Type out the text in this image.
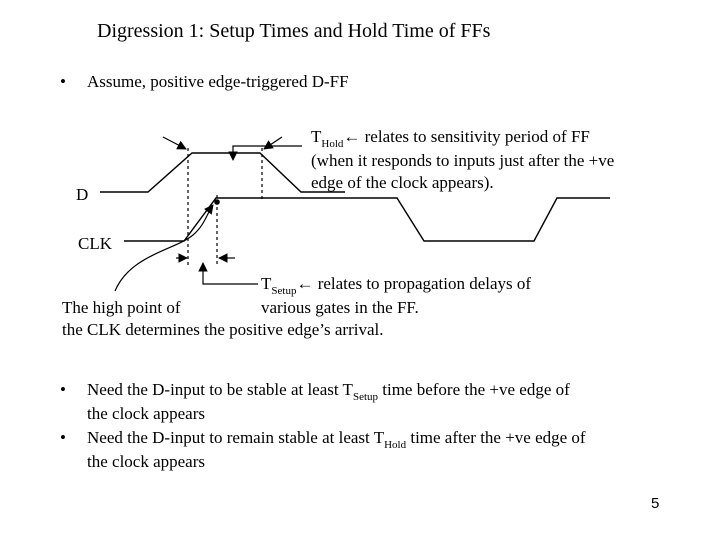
Digression 1: Setup Times and Hold Time of FFs
• Assume, positive edge-triggered D-FF
D
CLK
$T_{Hold}\leftarrow$ relates to sensitivity period of FF
(when it responds to inputs just after the +ve
edge of the clock appears).
$T_{Setup}\leftarrow$ relates to propagation delays of
various gates in the FF.
The high point of
the CLK determines the positive edge’s arrival.
• Need the D-input to be stable at least $T_{Setup}$ time before the +ve edge of
the clock appears
• Need the D-input to remain stable at least $T_{Hold}$ time after the +ve edge of
the clock appears
5
